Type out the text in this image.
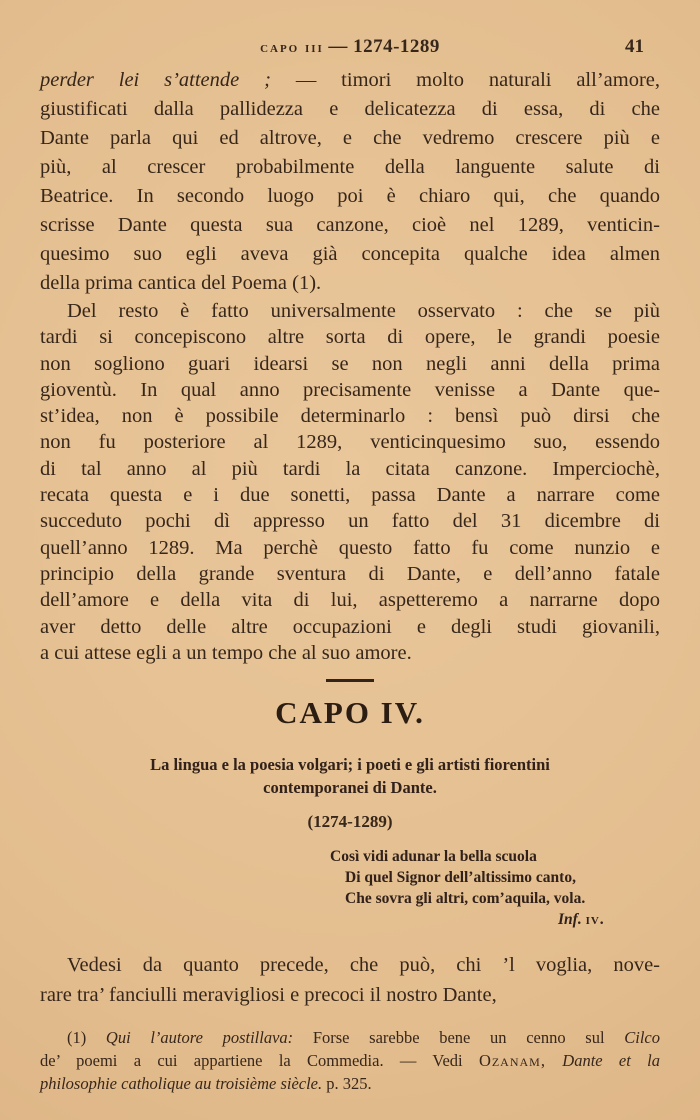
capo iii — 1274-1289	41
perder lei s’attende ; — timori molto naturali all’amore,
giustificati dalla pallidezza e delicatezza di essa, di che
Dante parla qui ed altrove, e che vedremo crescere più e
più, al crescer probabilmente della languente salute di
Beatrice. In secondo luogo poi è chiaro qui, che quando
scrisse Dante questa sua canzone, cioè nel 1289, venticin-
quesimo suo egli aveva già concepita qualche idea almen
della prima cantica del Poema (1).
Del resto è fatto universalmente osservato : che se più
tardi si concepiscono altre sorta di opere, le grandi poesie
non sogliono guari idearsi se non negli anni della prima
gioventù. In qual anno precisamente venisse a Dante que-
st’idea, non è possibile determinarlo : bensì può dirsi che
non fu posteriore al 1289, venticinquesimo suo, essendo
di tal anno al più tardi la citata canzone. Imperciochè,
recata questa e i due sonetti, passa Dante a narrare come
succeduto pochi dì appresso un fatto del 31 dicembre di
quell’anno 1289. Ma perchè questo fatto fu come nunzio e
principio della grande sventura di Dante, e dell’anno fatale
dell’amore e della vita di lui, aspetteremo a narrarne dopo
aver detto delle altre occupazioni e degli studi giovanili,
a cui attese egli a un tempo che al suo amore.
CAPO IV.
La lingua e la poesia volgari; i poeti e gli artisti fiorentini
contemporanei di Dante.
(1274-1289)
Così vidi adunar la bella scuola
Di quel Signor dell’altissimo canto,
Che sovra gli altri, com’aquila, vola.
Inf. iv.
Vedesi da quanto precede, che può, chi ’l voglia, nove-
rare tra’ fanciulli meravigliosi e precoci il nostro Dante,
(1) Qui l’autore postillava: Forse sarebbe bene un cenno sul Cilco
de’ poemi a cui appartiene la Commedia. — Vedi Ozanam, Dante et la
philosophie catholique au troisième siècle. p. 325.
